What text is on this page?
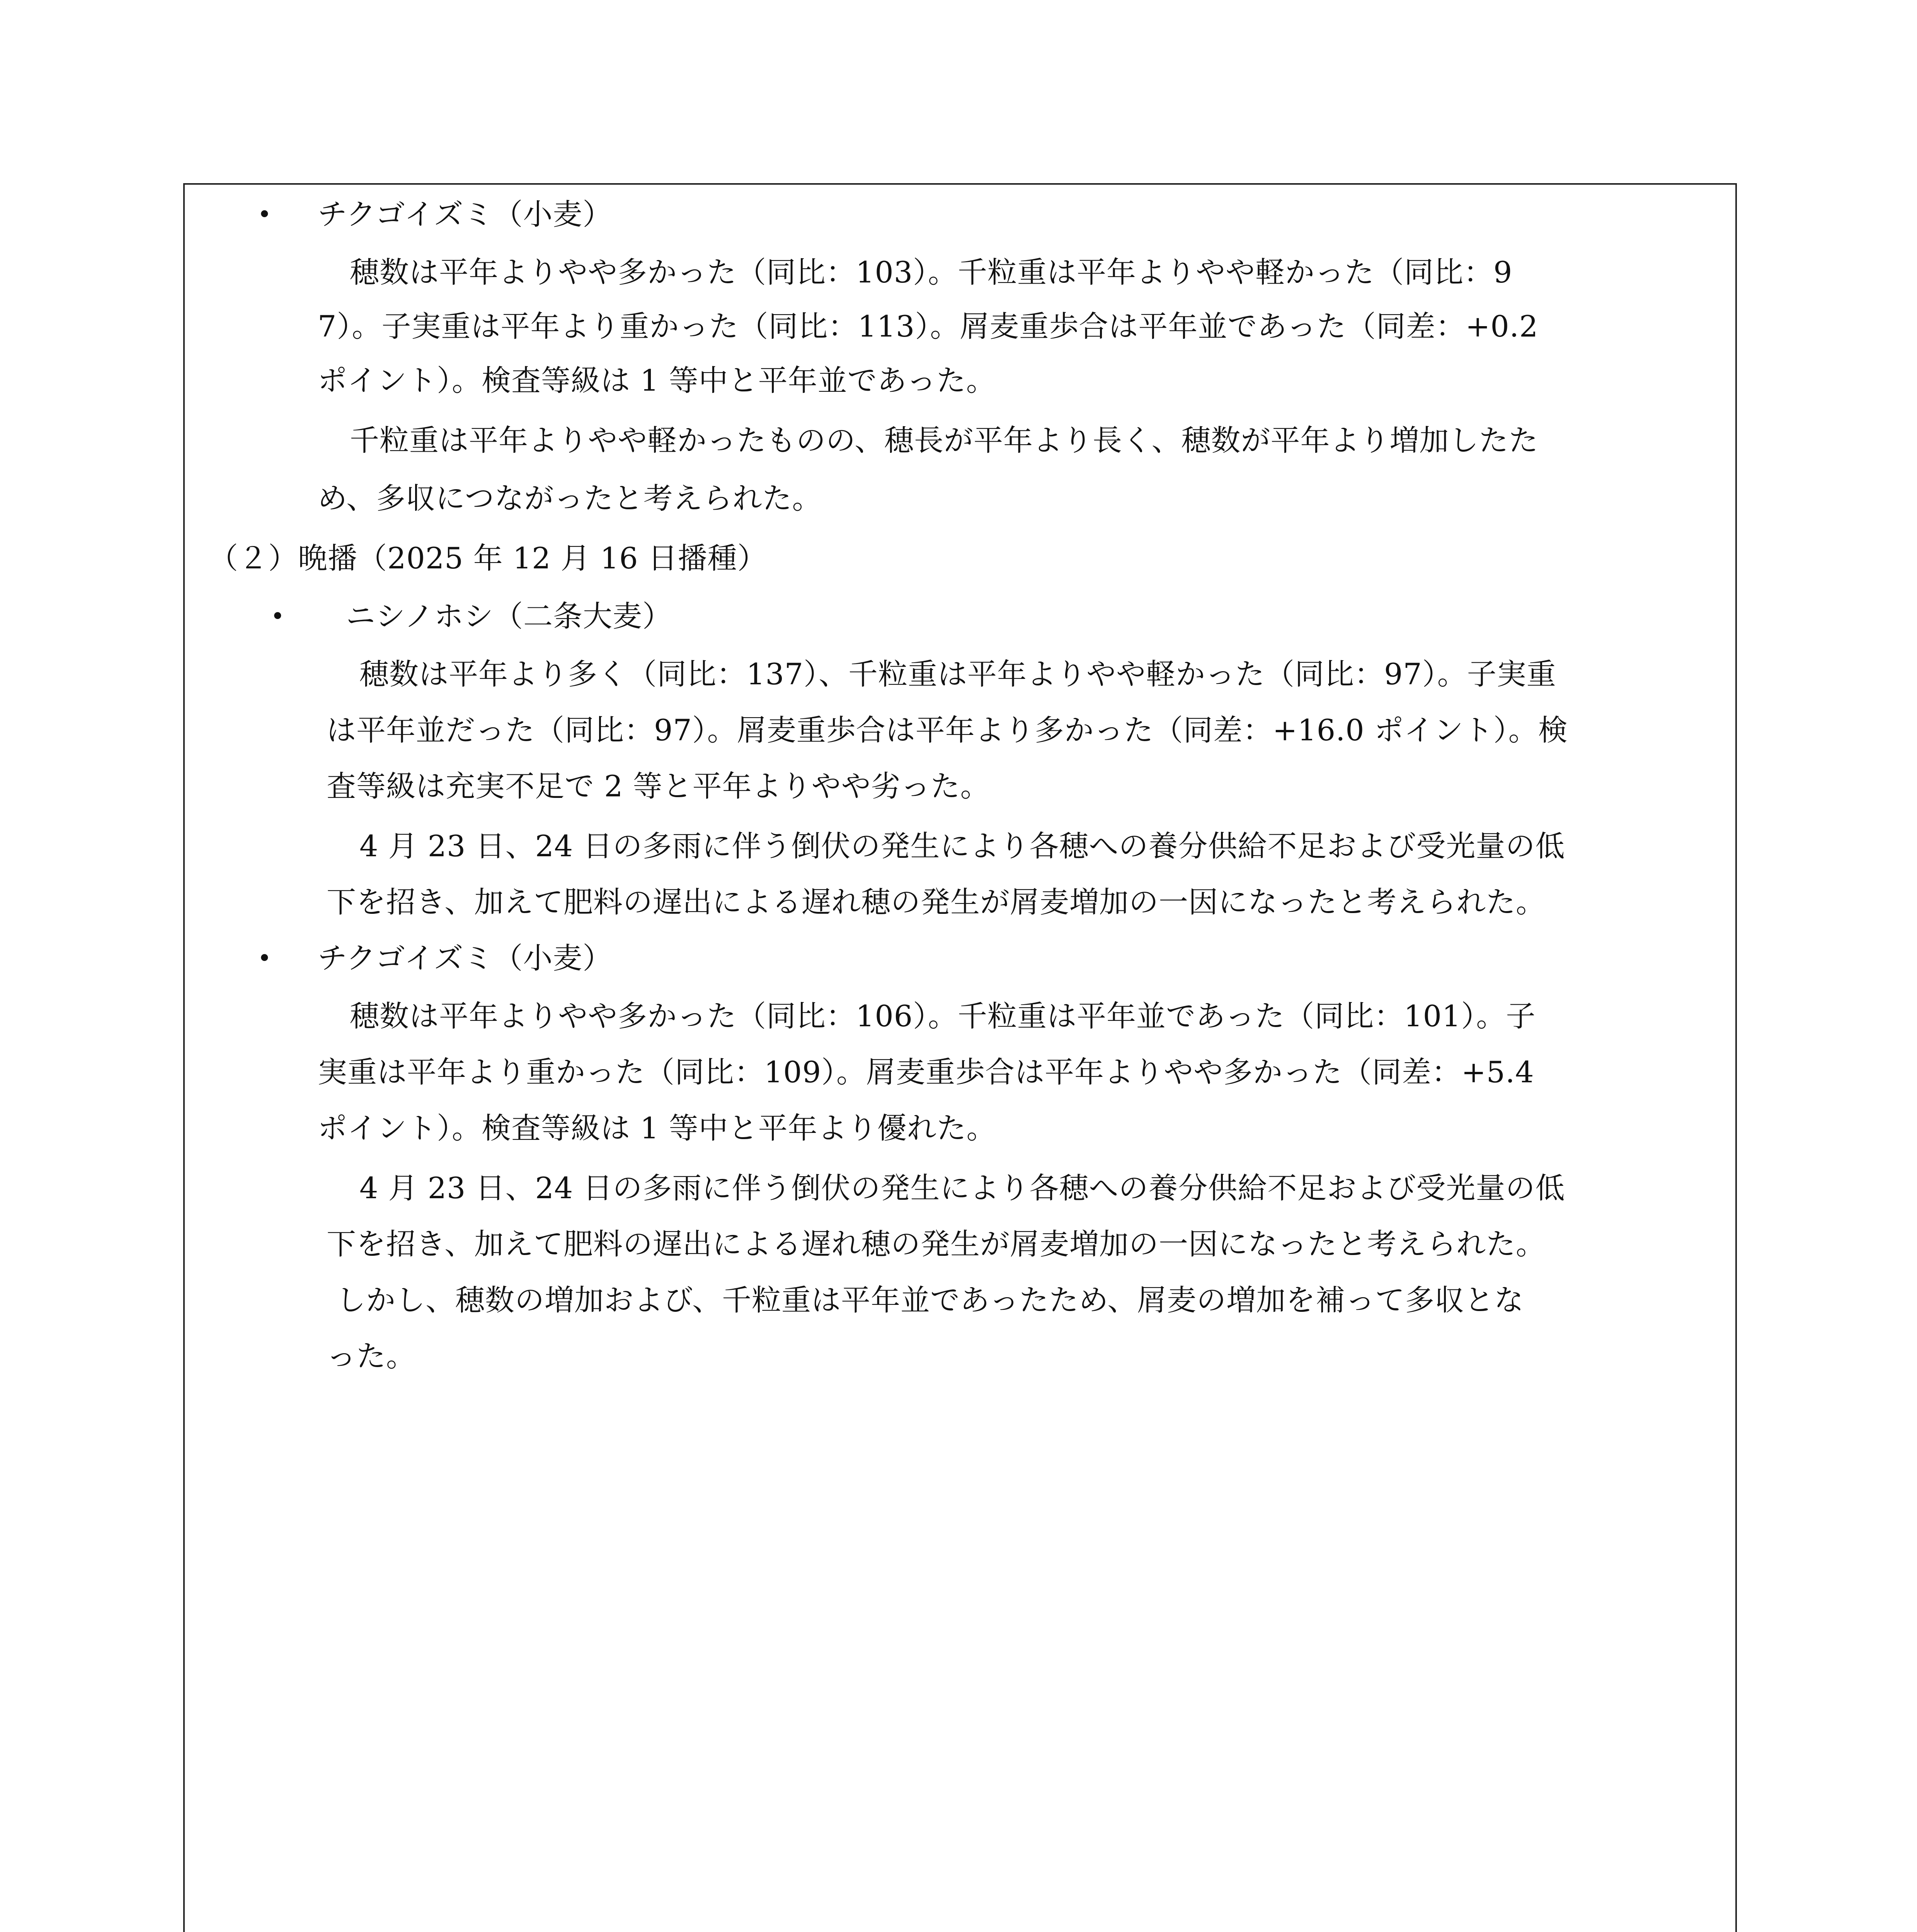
• チクゴイズミ（小麦）
穂数は平年よりやや多かった（同比：103）。千粒重は平年よりやや軽かった（同比：9
7）。子実重は平年より重かった（同比：113）。屑麦重歩合は平年並であった（同差：+0.2
ポイント）。検査等級は 1 等中と平年並であった。
千粒重は平年よりやや軽かったものの、穂長が平年より長く、穂数が平年より増加したた
め、多収につながったと考えられた。
（２）晩播（2025 年 12 月 16 日播種）
• ニシノホシ（二条大麦）
穂数は平年より多く（同比：137）、千粒重は平年よりやや軽かった（同比：97）。子実重
は平年並だった（同比：97）。屑麦重歩合は平年より多かった（同差：+16.0 ポイント）。検
査等級は充実不足で 2 等と平年よりやや劣った。
4 月 23 日、24 日の多雨に伴う倒伏の発生により各穂への養分供給不足および受光量の低
下を招き、加えて肥料の遅出による遅れ穂の発生が屑麦増加の一因になったと考えられた。
• チクゴイズミ（小麦）
穂数は平年よりやや多かった（同比：106）。千粒重は平年並であった（同比：101）。子
実重は平年より重かった（同比：109）。屑麦重歩合は平年よりやや多かった（同差：+5.4
ポイント）。検査等級は 1 等中と平年より優れた。
4 月 23 日、24 日の多雨に伴う倒伏の発生により各穂への養分供給不足および受光量の低
下を招き、加えて肥料の遅出による遅れ穂の発生が屑麦増加の一因になったと考えられた。
しかし、穂数の増加および、千粒重は平年並であったため、屑麦の増加を補って多収とな
った。
